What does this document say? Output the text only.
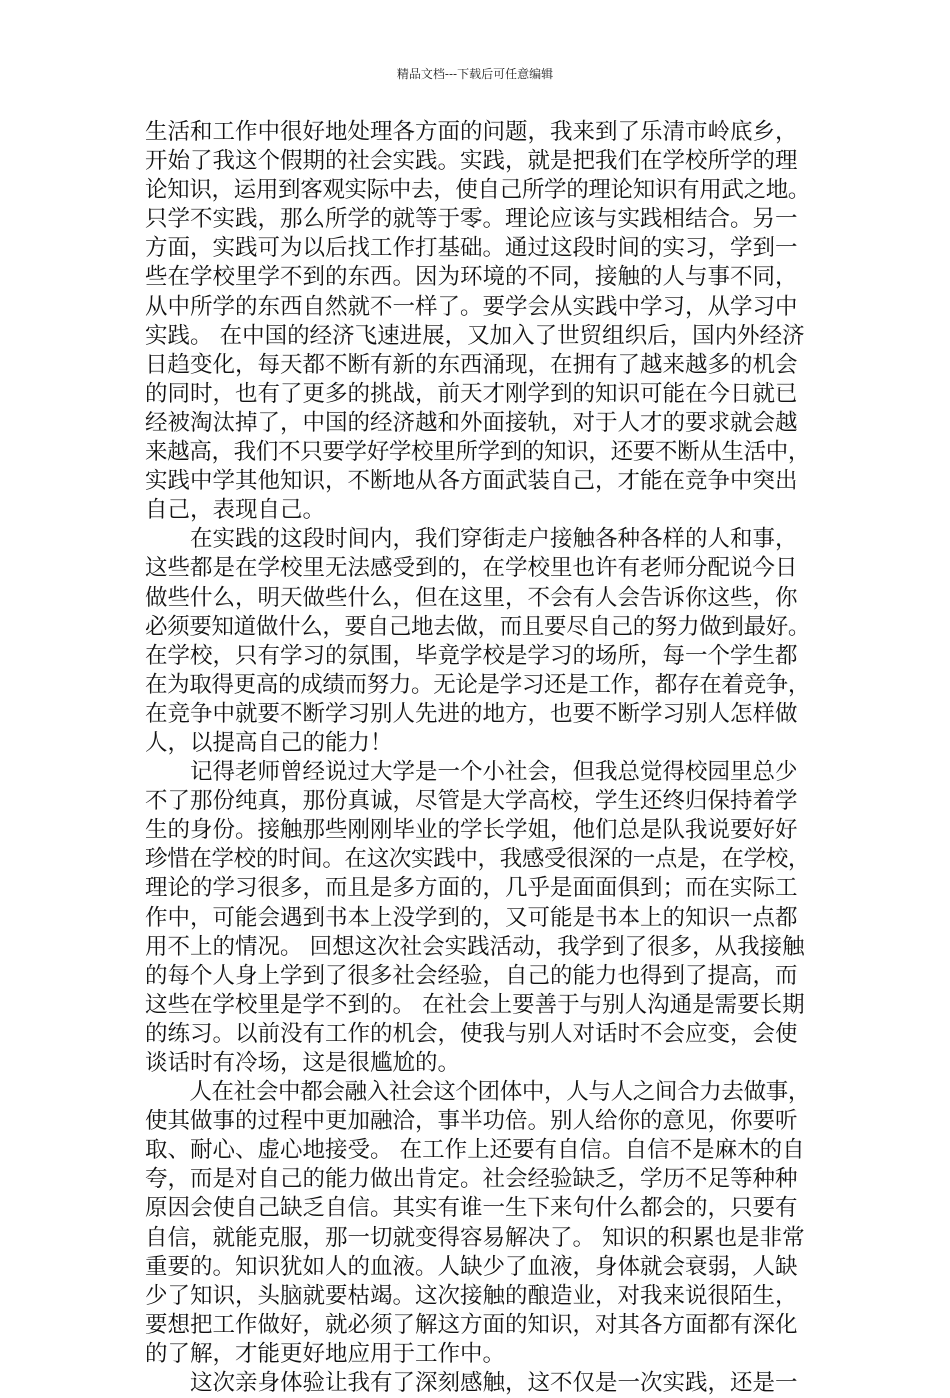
精品文档---下载后可任意编辑
生活和工作中很好地处理各方面的问题，我来到了乐清市岭底乡，
开始了我这个假期的社会实践。实践，就是把我们在学校所学的理
论知识，运用到客观实际中去，使自己所学的理论知识有用武之地。
只学不实践，那么所学的就等于零。理论应该与实践相结合。另一
方面，实践可为以后找工作打基础。通过这段时间的实习，学到一
些在学校里学不到的东西。因为环境的不同，接触的人与事不同，
从中所学的东西自然就不一样了。要学会从实践中学习，从学习中
实践。 在中国的经济飞速进展，又加入了世贸组织后，国内外经济
日趋变化，每天都不断有新的东西涌现，在拥有了越来越多的机会
的同时，也有了更多的挑战，前天才刚学到的知识可能在今日就已
经被淘汰掉了，中国的经济越和外面接轨，对于人才的要求就会越
来越高，我们不只要学好学校里所学到的知识，还要不断从生活中，
实践中学其他知识，不断地从各方面武装自己，才能在竞争中突出
自己，表现自己。
　　在实践的这段时间内，我们穿街走户接触各种各样的人和事，
这些都是在学校里无法感受到的，在学校里也许有老师分配说今日
做些什么，明天做些什么，但在这里，不会有人会告诉你这些，你
必须要知道做什么，要自己地去做，而且要尽自己的努力做到最好。
在学校，只有学习的氛围，毕竟学校是学习的场所，每一个学生都
在为取得更高的成绩而努力。无论是学习还是工作，都存在着竞争，
在竞争中就要不断学习别人先进的地方，也要不断学习别人怎样做
人，以提高自己的能力！
　　记得老师曾经说过大学是一个小社会，但我总觉得校园里总少
不了那份纯真，那份真诚，尽管是大学高校，学生还终归保持着学
生的身份。接触那些刚刚毕业的学长学姐，他们总是队我说要好好
珍惜在学校的时间。在这次实践中，我感受很深的一点是，在学校，
理论的学习很多，而且是多方面的，几乎是面面俱到；而在实际工
作中，可能会遇到书本上没学到的，又可能是书本上的知识一点都
用不上的情况。 回想这次社会实践活动，我学到了很多，从我接触
的每个人身上学到了很多社会经验，自己的能力也得到了提高，而
这些在学校里是学不到的。 在社会上要善于与别人沟通是需要长期
的练习。以前没有工作的机会，使我与别人对话时不会应变，会使
谈话时有冷场，这是很尴尬的。
　　人在社会中都会融入社会这个团体中，人与人之间合力去做事，
使其做事的过程中更加融洽，事半功倍。别人给你的意见，你要听
取、耐心、虚心地接受。 在工作上还要有自信。自信不是麻木的自
夸，而是对自己的能力做出肯定。社会经验缺乏，学历不足等种种
原因会使自己缺乏自信。其实有谁一生下来句什么都会的，只要有
自信，就能克服，那一切就变得容易解决了。 知识的积累也是非常
重要的。知识犹如人的血液。人缺少了血液，身体就会衰弱，人缺
少了知识，头脑就要枯竭。这次接触的酿造业，对我来说很陌生，
要想把工作做好，就必须了解这方面的知识，对其各方面都有深化
的了解，才能更好地应用于工作中。
　　这次亲身体验让我有了深刻感触，这不仅是一次实践，还是一
